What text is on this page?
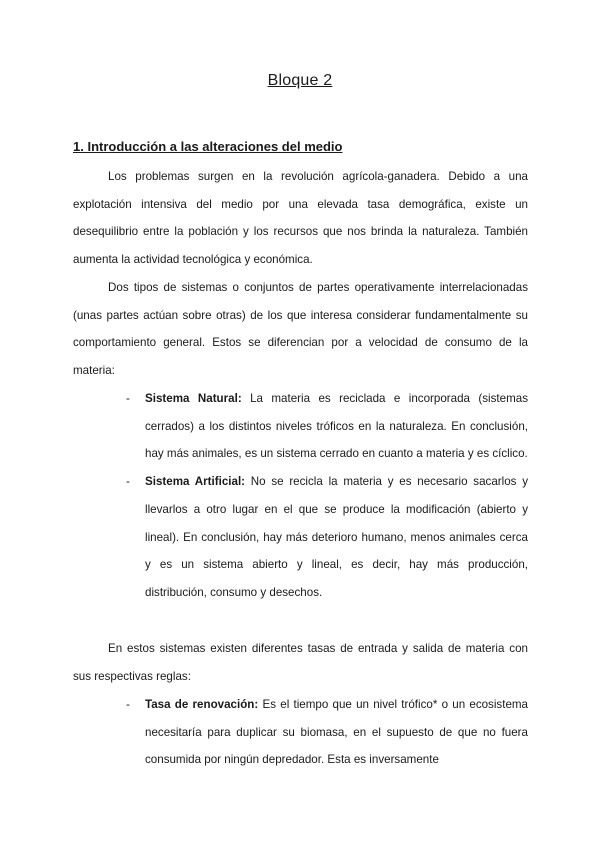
Bloque 2
1. Introducción a las alteraciones del medio

Los problemas surgen en la revolución agrícola-ganadera. Debido a una explotación intensiva del medio por una elevada tasa demográfica, existe un desequilibrio entre la población y los recursos que nos brinda la naturaleza. También aumenta la actividad tecnológica y económica.

Dos tipos de sistemas o conjuntos de partes operativamente interrelacionadas (unas partes actúan sobre otras) de los que interesa considerar fundamentalmente su comportamiento general. Estos se diferencian por a velocidad de consumo de la materia:

- Sistema Natural: La materia es reciclada e incorporada (sistemas cerrados) a los distintos niveles tróficos en la naturaleza. En conclusión, hay más animales, es un sistema cerrado en cuanto a materia y es cíclico.
- Sistema Artificial: No se recicla la materia y es necesario sacarlos y llevarlos a otro lugar en el que se produce la modificación (abierto y lineal). En conclusión, hay más deterioro humano, menos animales cerca y es un sistema abierto y lineal, es decir, hay más producción, distribución, consumo y desechos.

En estos sistemas existen diferentes tasas de entrada y salida de materia con sus respectivas reglas:

- Tasa de renovación: Es el tiempo que un nivel trófico* o un ecosistema necesitaría para duplicar su biomasa, en el supuesto de que no fuera consumida por ningún depredador. Esta es inversamente
